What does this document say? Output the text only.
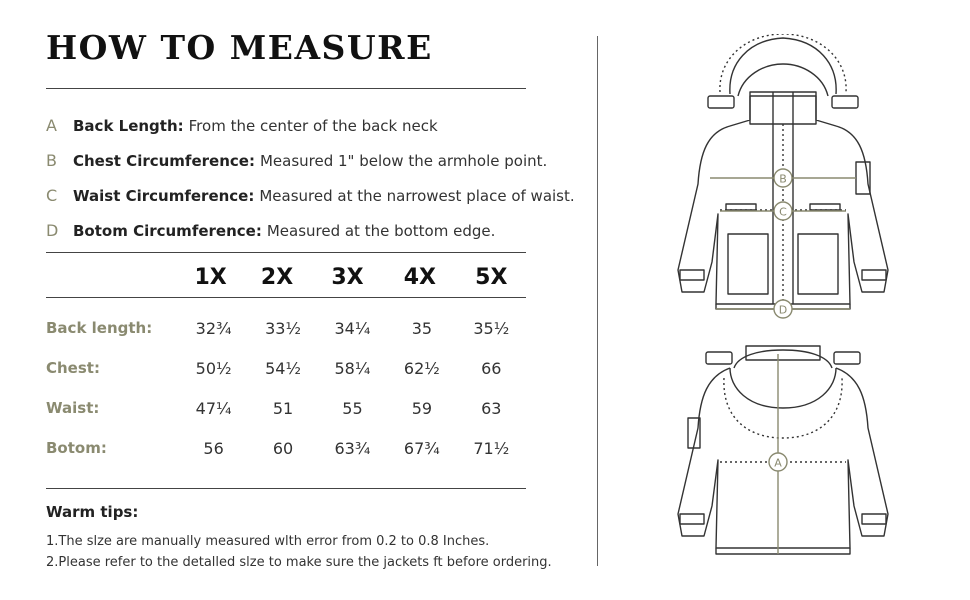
HOW TO MEASURE
A	Back Length: From the center of the back neck
B	Chest Circumference: Measured 1" below the armhole point.
C	Waist Circumference: Measured at the narrowest place of waist.
D Botom Circumference: Measured at the bottom edge.
1X	2X	3X	4X	5X
Back length:	32¾	33½	34¼	35	35½
Chest:	50½	54½	58¼	62½	66
Waist:	47¼	51	55	59	63
Botom:	56	60	63¾	67¾	71½
Warm tips:
1.The slze are manually measured wlth error from 0.2 to 0.8 Inches.
2.Please refer to the detalled slze to make sure the jackets ft before ordering.
B
C
D
A
